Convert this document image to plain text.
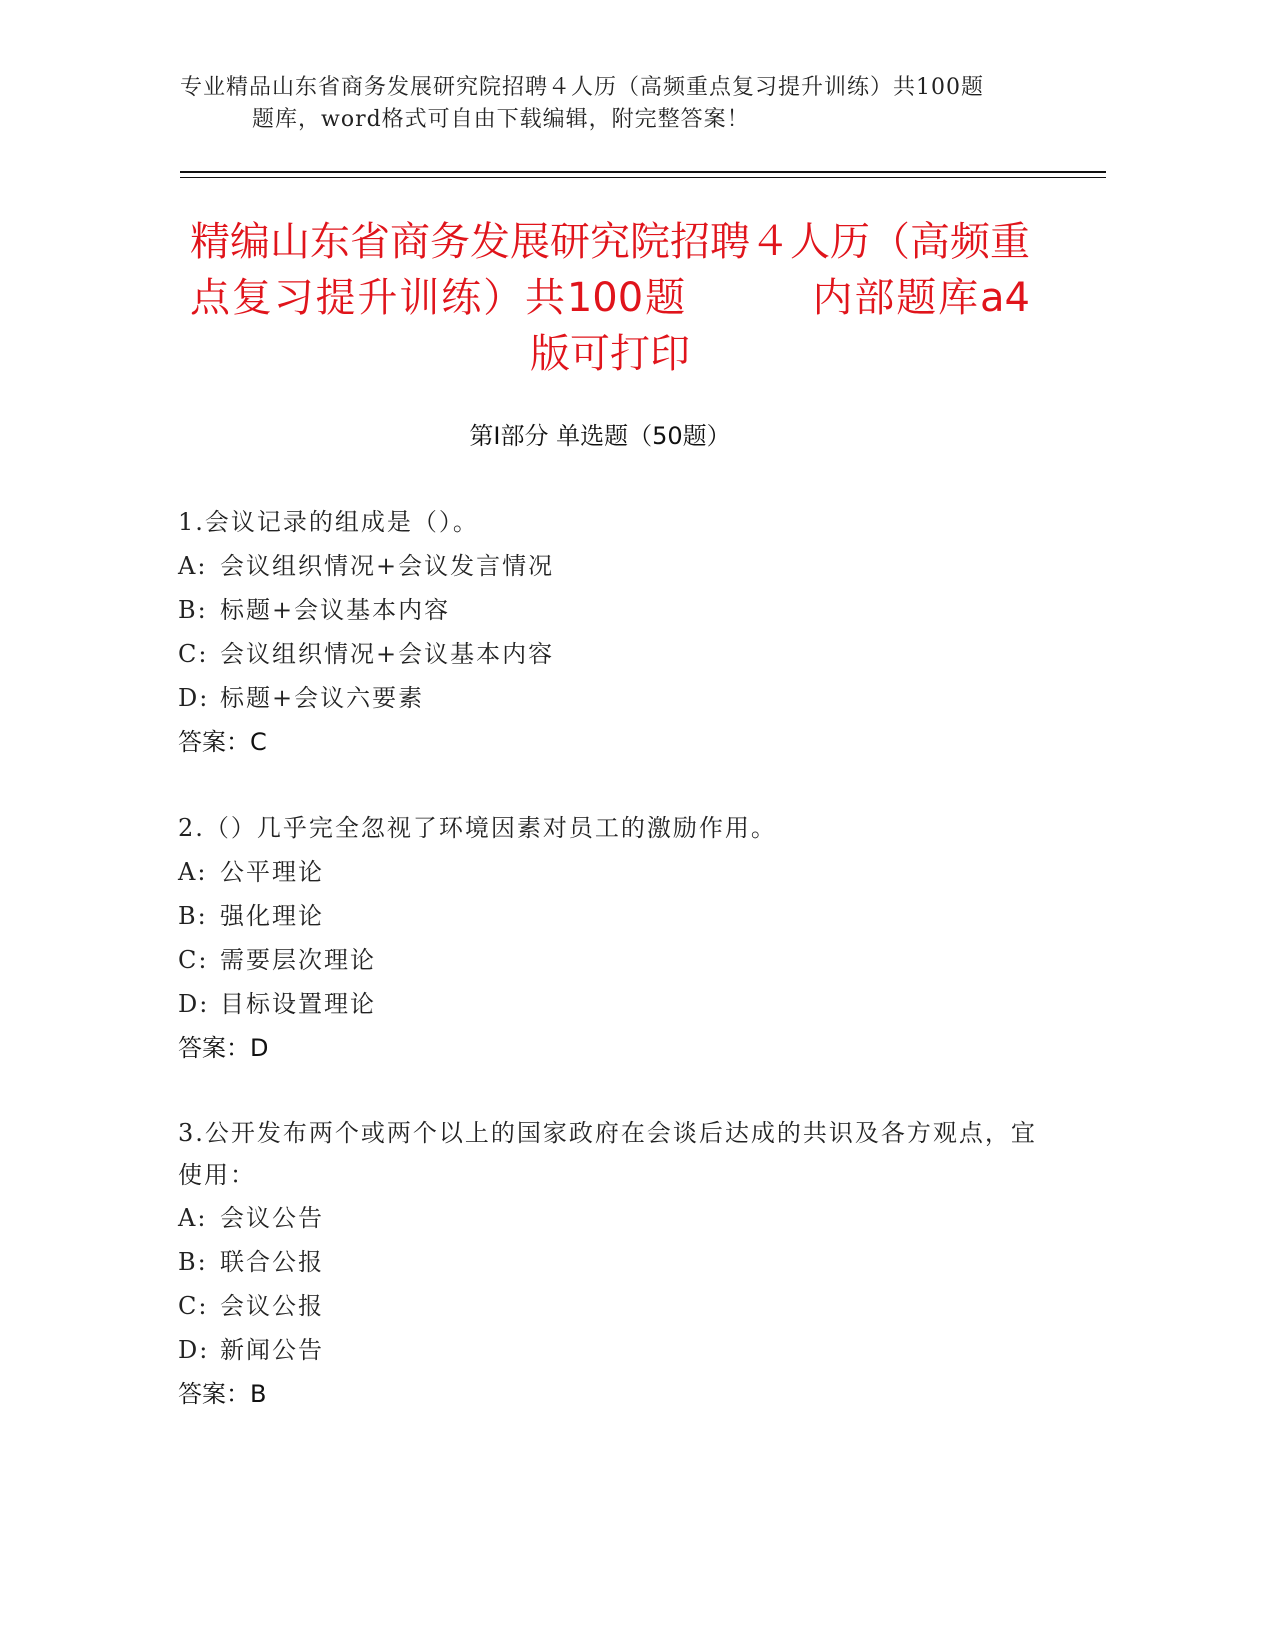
专业精品山东省商务发展研究院招聘４人历（高频重点复习提升训练）共100题
题库，word格式可自由下载编辑，附完整答案！
精编山东省商务发展研究院招聘４人历（高频重点复习提升训练）共100题　　　内部题库a4版可打印
第Ⅰ部分 单选题（50题）
1.会议记录的组成是（）。
A: 会议组织情况+会议发言情况
B: 标题+会议基本内容
C: 会议组织情况+会议基本内容
D: 标题+会议六要素
答案：C
2.（）几乎完全忽视了环境因素对员工的激励作用。
A: 公平理论
B: 强化理论
C: 需要层次理论
D: 目标设置理论
答案：D
3.公开发布两个或两个以上的国家政府在会谈后达成的共识及各方观点，宜使用：
A: 会议公告
B: 联合公报
C: 会议公报
D: 新闻公告
答案：B
